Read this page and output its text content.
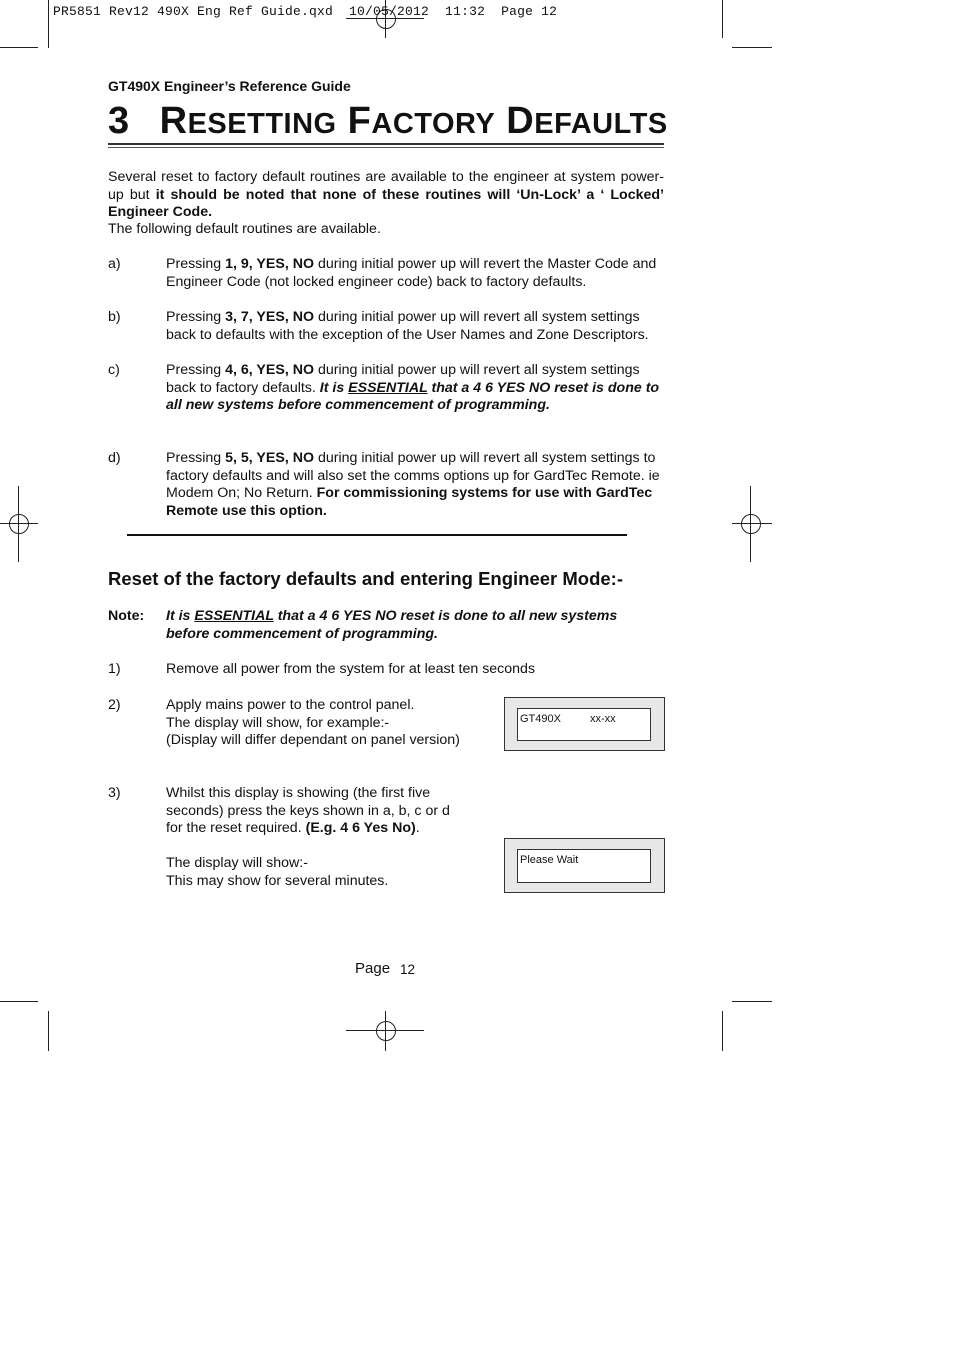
PR5851 Rev12 490X Eng Ref Guide.qxd  10/05/2012  11:32  Page 12
GT490X Engineer’s Reference Guide
3 RESETTING FACTORY DEFAULTS
Several reset to factory default routines are available to the engineer at system power-up but it should be noted that none of these routines will ‘Un-Lock’ a ‘ Locked’ Engineer Code.
The following default routines are available.
a)	Pressing 1, 9, YES, NO during initial power up will revert the Master Code and Engineer Code (not locked engineer code) back to factory defaults.
b)	Pressing 3, 7, YES, NO during initial power up will revert all system settings back to defaults with the exception of the User Names and Zone Descriptors.
c)	Pressing 4, 6, YES, NO during initial power up will revert all system settings back to factory defaults. It is ESSENTIAL that a 4 6 YES NO reset is done to all new systems before commencement of programming.
d)	Pressing 5, 5, YES, NO during initial power up will revert all system settings to factory defaults and will also set the comms options up for GardTec Remote. ie Modem On; No Return. For commissioning systems for use with GardTec Remote use this option.
Reset of the factory defaults and entering Engineer Mode:-
Note: It is ESSENTIAL that a 4 6 YES NO reset is done to all new systems before commencement of programming.
1)	Remove all power from the system for at least ten seconds
2)	Apply mains power to the control panel.
The display will show, for example:-
(Display will differ dependant on panel version)
GT490X	xx-xx
3)	Whilst this display is showing (the first five seconds) press the keys shown in a, b, c or d for the reset required. (E.g. 4 6 Yes No).
The display will show:-
This may show for several minutes.
Please Wait
Page 12
